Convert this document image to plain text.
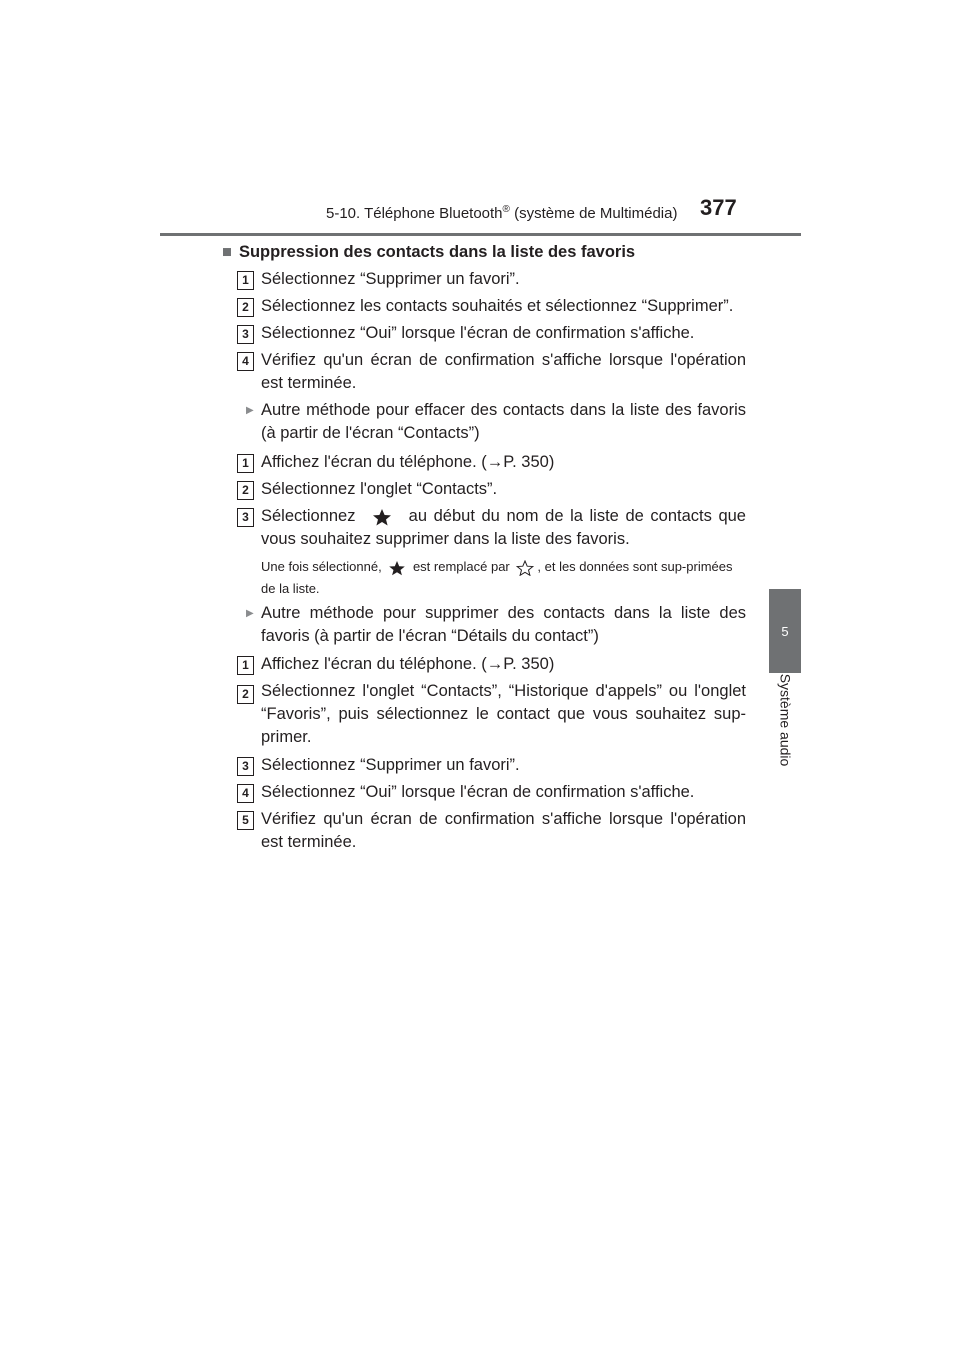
5-10. Téléphone Bluetooth® (système de Multimédia) 377
5
Système audio
■ Suppression des contacts dans la liste des favoris
1 Sélectionnez “Supprimer un favori”.
2 Sélectionnez les contacts souhaités et sélectionnez “Supprimer”.
3 Sélectionnez “Oui” lorsque l'écran de confirmation s'affiche.
4 Vérifiez qu'un écran de confirmation s'affiche lorsque l'opération est terminée.
▶ Autre méthode pour effacer des contacts dans la liste des favoris (à partir de l'écran “Contacts”)
1 Affichez l'écran du téléphone. (→P. 350)
2 Sélectionnez l'onglet “Contacts”.
3 Sélectionnez	au début du nom de la liste de contacts que vous souhaitez supprimer dans la liste des favoris.
Une fois sélectionné, est remplacé par , et les données sont sup-primées de la liste.
▶ Autre méthode pour supprimer des contacts dans la liste des favoris (à partir de l'écran “Détails du contact”)
1 Affichez l'écran du téléphone. (→P. 350)
2 Sélectionnez l'onglet “Contacts”, “Historique d'appels” ou l'onglet “Favoris”, puis sélectionnez le contact que vous souhaitez sup-primer.
3 Sélectionnez “Supprimer un favori”.
4 Sélectionnez “Oui” lorsque l'écran de confirmation s'affiche.
5 Vérifiez qu'un écran de confirmation s'affiche lorsque l'opération est terminée.
